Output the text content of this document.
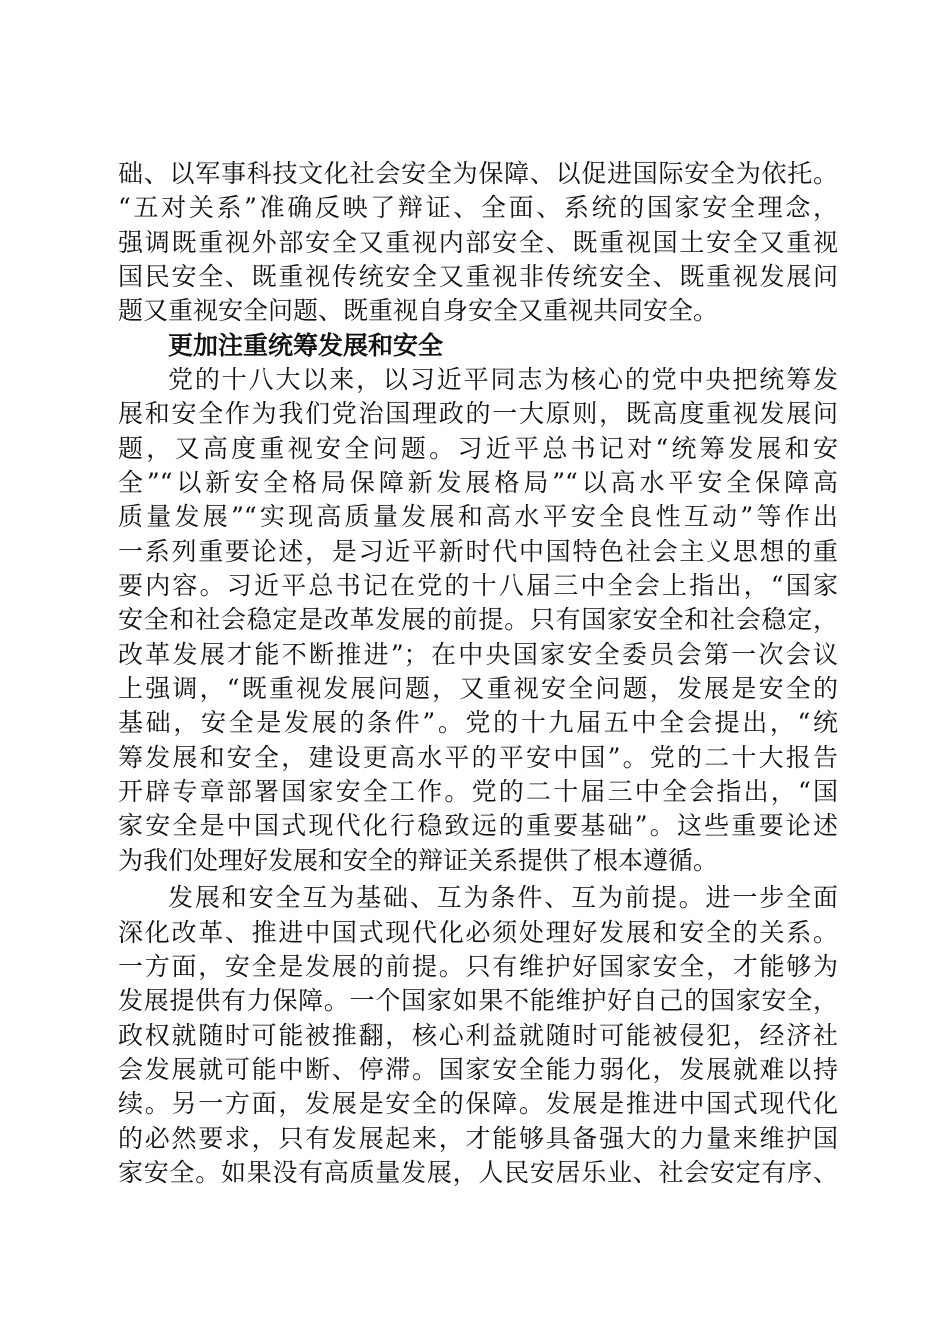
础、以军事科技文化社会安全为保障、以促进国际安全为依托。
“五对关系”准确反映了辩证、全面、系统的国家安全理念，
强调既重视外部安全又重视内部安全、既重视国土安全又重视
国民安全、既重视传统安全又重视非传统安全、既重视发展问
题又重视安全问题、既重视自身安全又重视共同安全。
更加注重统筹发展和安全
党的十八大以来，以习近平同志为核心的党中央把统筹发
展和安全作为我们党治国理政的一大原则，既高度重视发展问
题，又高度重视安全问题。习近平总书记对“统筹发展和安
全”“以新安全格局保障新发展格局”“以高水平安全保障高
质量发展”“实现高质量发展和高水平安全良性互动”等作出
一系列重要论述，是习近平新时代中国特色社会主义思想的重
要内容。习近平总书记在党的十八届三中全会上指出，“国家
安全和社会稳定是改革发展的前提。只有国家安全和社会稳定，
改革发展才能不断推进”；在中央国家安全委员会第一次会议
上强调，“既重视发展问题，又重视安全问题，发展是安全的
基础，安全是发展的条件”。党的十九届五中全会提出，“统
筹发展和安全，建设更高水平的平安中国”。党的二十大报告
开辟专章部署国家安全工作。党的二十届三中全会指出，“国
家安全是中国式现代化行稳致远的重要基础”。这些重要论述
为我们处理好发展和安全的辩证关系提供了根本遵循。
发展和安全互为基础、互为条件、互为前提。进一步全面
深化改革、推进中国式现代化必须处理好发展和安全的关系。
一方面，安全是发展的前提。只有维护好国家安全，才能够为
发展提供有力保障。一个国家如果不能维护好自己的国家安全，
政权就随时可能被推翻，核心利益就随时可能被侵犯，经济社
会发展就可能中断、停滞。国家安全能力弱化，发展就难以持
续。另一方面，发展是安全的保障。发展是推进中国式现代化
的必然要求，只有发展起来，才能够具备强大的力量来维护国
家安全。如果没有高质量发展，人民安居乐业、社会安定有序、
